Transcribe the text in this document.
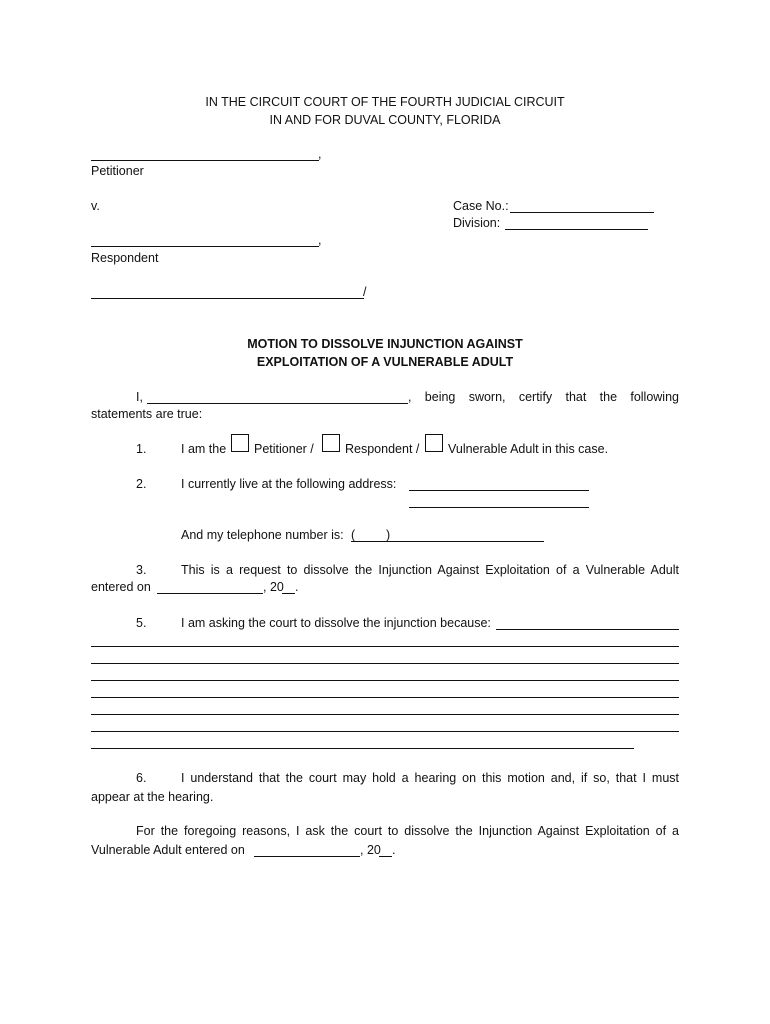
IN THE CIRCUIT COURT OF THE FOURTH JUDICIAL CIRCUIT
IN AND FOR DUVAL COUNTY, FLORIDA
,
Petitioner
v.	Case No.:
Division:
,
Respondent
/
MOTION TO DISSOLVE INJUNCTION AGAINST
EXPLOITATION OF A VULNERABLE ADULT
I,	, being sworn, certify that the following
statements are true:
1.	I am the Petitioner / Respondent / Vulnerable Adult in this case.
2.	I currently live at the following address:
And my telephone number is: ( )
3.	This is a request to dissolve the Injunction Against Exploitation of a Vulnerable Adult
entered on	, 20 .
5.	I am asking the court to dissolve the injunction because:
6.	I understand that the court may hold a hearing on this motion and, if so, that I must
appear at the hearing.
For the foregoing reasons, I ask the court to dissolve the Injunction Against Exploitation of a
Vulnerable Adult entered on	, 20 .
